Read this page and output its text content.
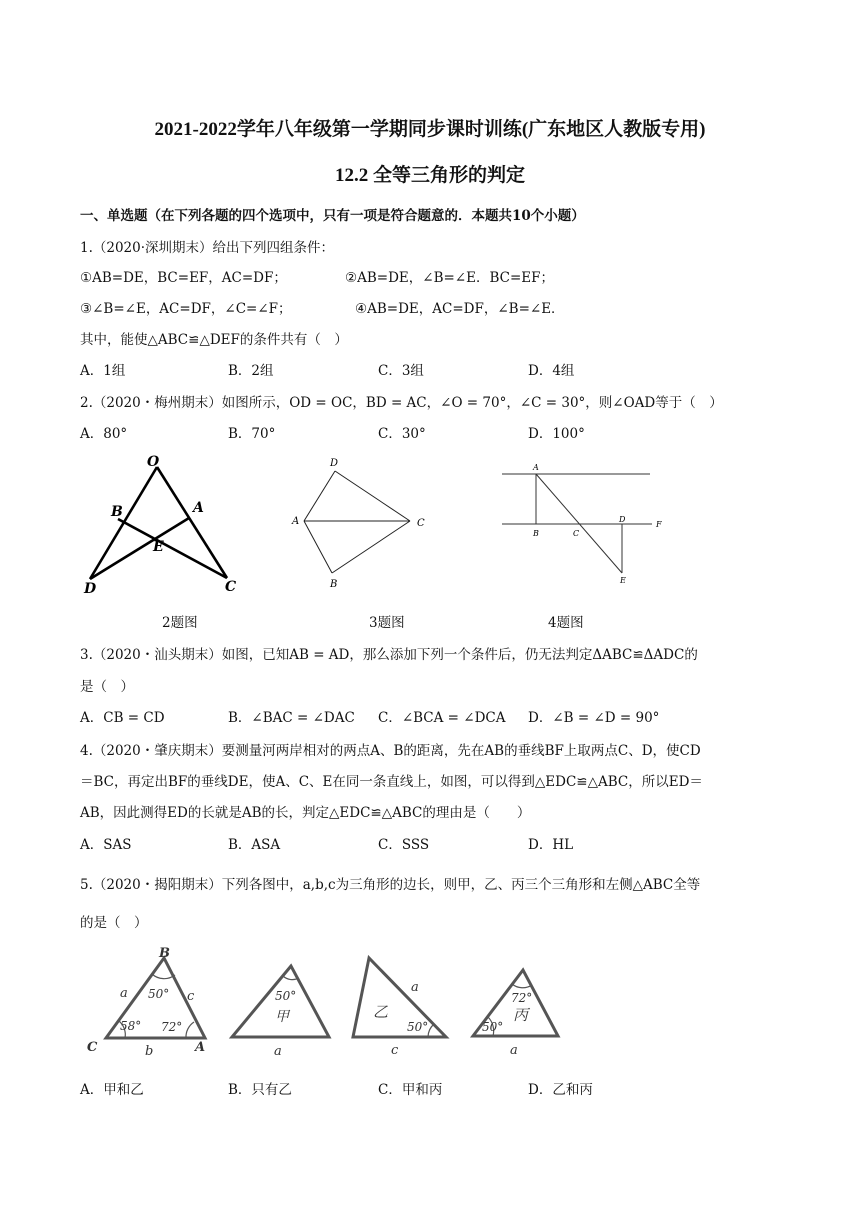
2021-2022学年八年级第一学期同步课时训练(广东地区人教版专用)
12.2 全等三角形的判定
一、单选题（在下列各题的四个选项中，只有一项是符合题意的．本题共10个小题）
1.（2020·深圳期末）给出下列四组条件：
①AB=DE，BC=EF，AC=DF；	②AB=DE，∠B=∠E．BC=EF；
③∠B=∠E，AC=DF，∠C=∠F；	④AB=DE，AC=DF，∠B=∠E．
其中，能使△ABC≌△DEF的条件共有（　）
A．1组	B．2组	C．3组	D．4组
2.（2020・梅州期末）如图所示，OD = OC，BD = AC，∠O = 70°，∠C = 30°，则∠OAD等于（　）
A．80°	B．70°	C．30°	D．100°
O
B	A
E
D	C
D
A	C
B
A
D
F
B	C
E
2题图	3题图	4题图
3.（2020・汕头期末）如图，已知AB = AD，那么添加下列一个条件后，仍无法判定ΔABC≌ΔADC的
是（　）
A．CB = CD	B．∠BAC = ∠DAC C．∠BCA = ∠DCA D．∠B = ∠D = 90°
4.（2020・肇庆期末）要测量河两岸相对的两点A、B的距离，先在AB的垂线BF上取两点C、D，使CD
＝BC，再定出BF的垂线DE，使A、C、E在同一条直线上，如图，可以得到△EDC≌△ABC，所以ED＝
AB，因此测得ED的长就是AB的长，判定△EDC≌△ABC的理由是（　　）
A．SAS	B．ASA	C．SSS	D．HL
5.（2020・揭阳期末）下列各图中，a,b,c为三角形的边长，则甲，乙、丙三个三角形和左侧△ABC全等
的是（　）
B
C	A
a	c
b
50°
58° 72°
50°
甲
a
乙
a
50°
c
72°
丙
50°
a
A．甲和乙	B．只有乙	C．甲和丙	D．乙和丙
